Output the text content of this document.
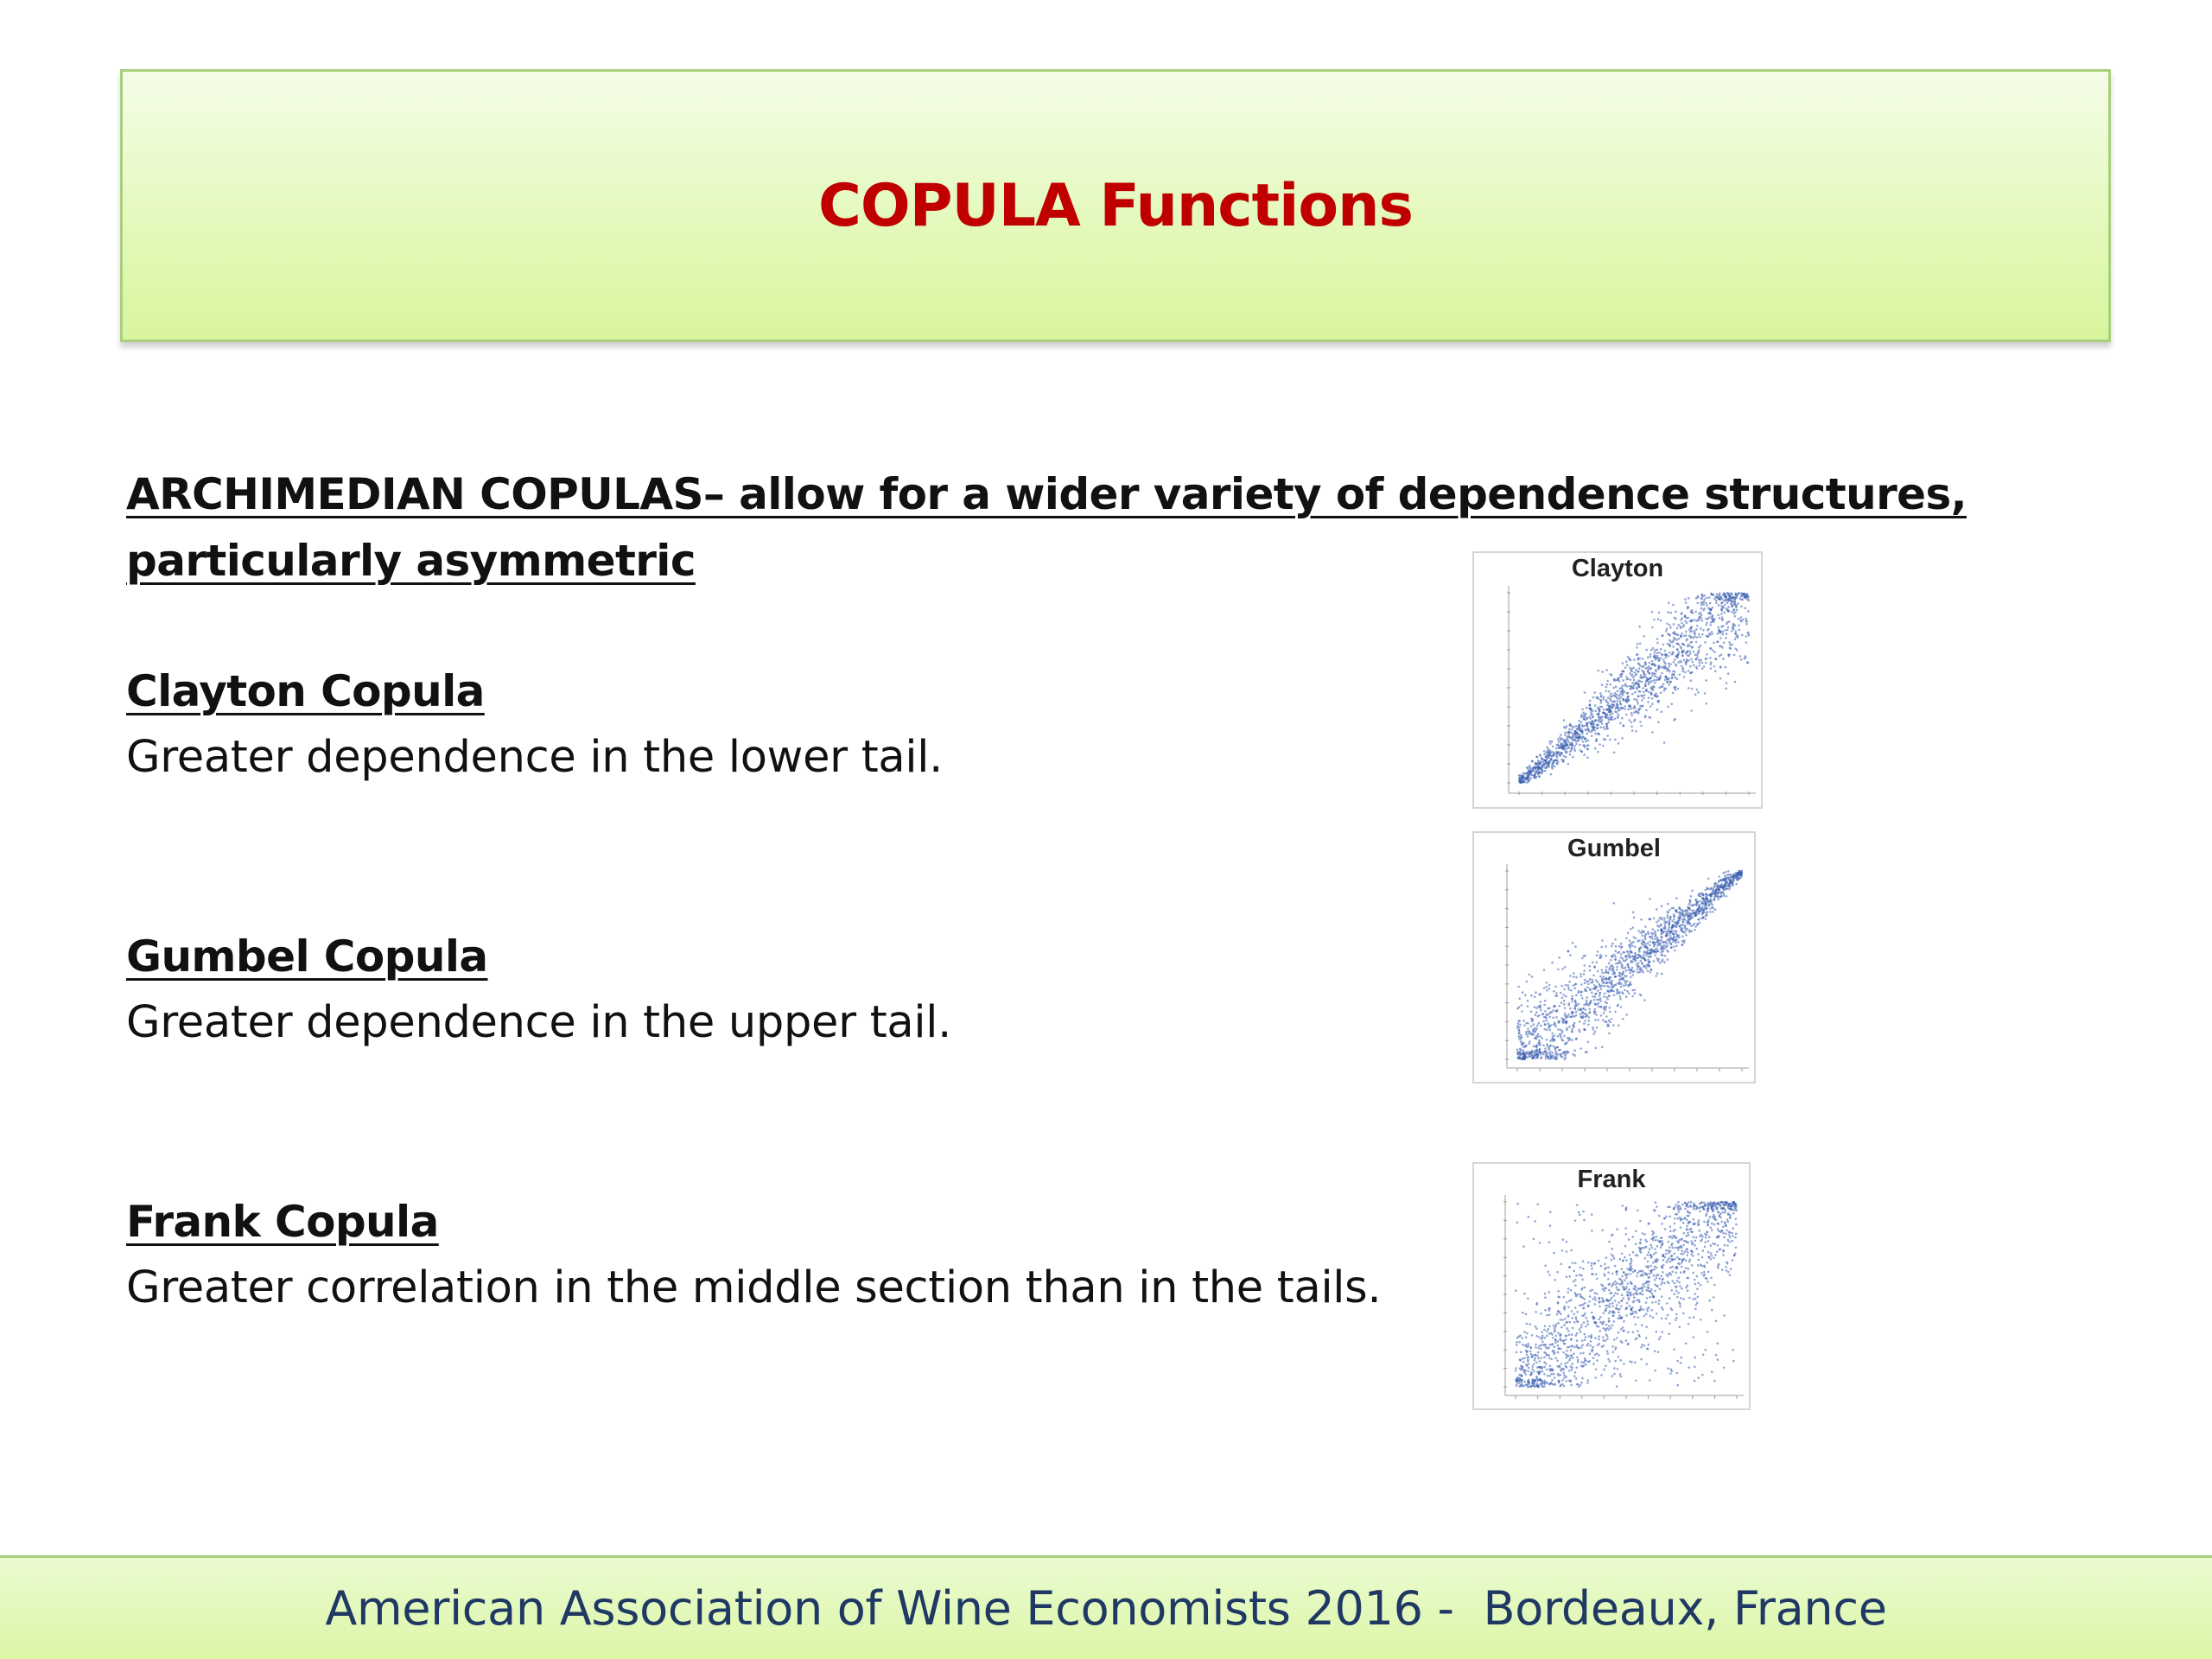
COPULA Functions
ARCHIMEDIAN COPULAS– allow for a wider variety of dependence structures,
particularly asymmetric
Clayton Copula
Greater dependence in the lower tail.
Gumbel Copula
Greater dependence in the upper tail.
Frank Copula
Greater correlation in the middle section than in the tails.
Clayton
Gumbel
Frank
American Association of Wine Economists 2016 -  Bordeaux, France
